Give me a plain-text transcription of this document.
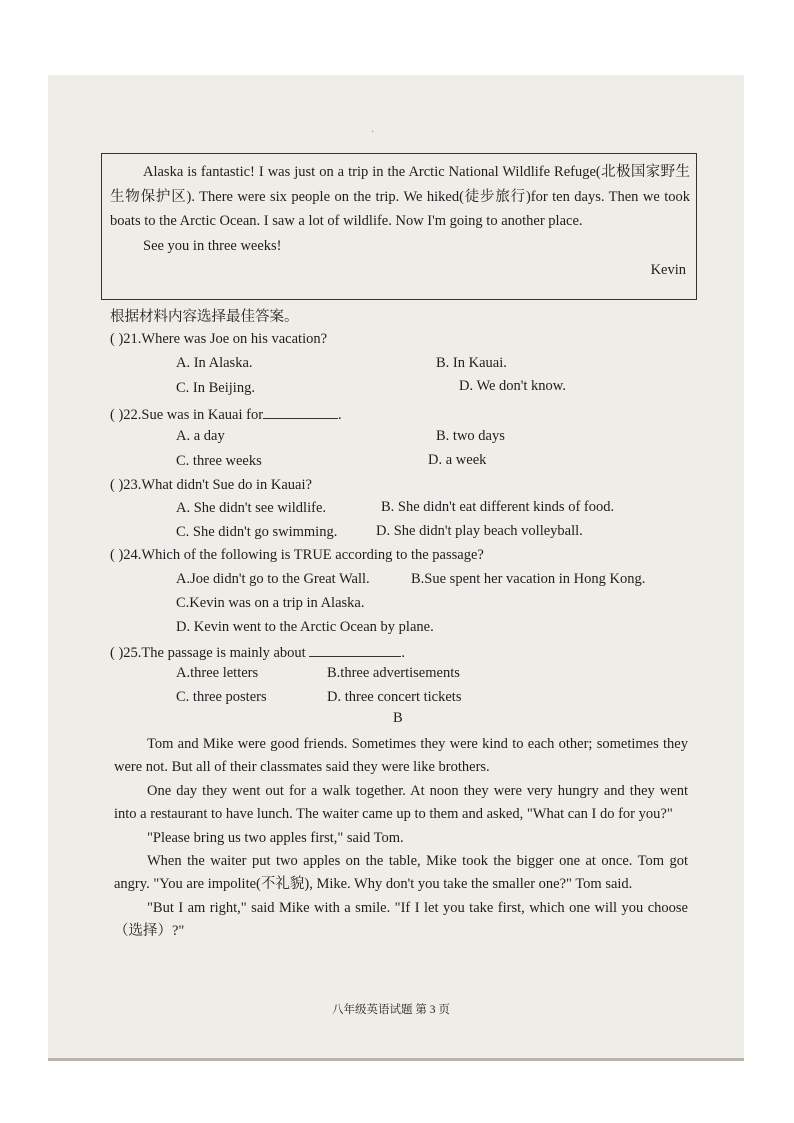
·

Alaska is fantastic! I was just on a trip in the Arctic National Wildlife Refuge(北极国家野生生物保护区). There were six people on the trip. We hiked(徒步旅行)for ten days. Then we took boats to the Arctic Ocean. I saw a lot of wildlife. Now I'm going to another place.

See you in three weeks!

Kevin
根据材料内容选择最佳答案。
( )21.Where was Joe on his vacation?
A. In Alaska.	B. In Kauai.
C. In Beijing.	D. We don't know.
( )22.Sue was in Kauai for	.
A. a day	B. two days
C. three weeks	D. a week
( )23.What didn't Sue do in Kauai?
A. She didn't see wildlife.	B. She didn't eat different kinds of food.
C. She didn't go swimming.	D. She didn't play beach volleyball.
( )24.Which of the following is TRUE according to the passage?
A.Joe didn't go to the Great Wall.	B.Sue spent her vacation in Hong Kong.
C.Kevin was on a trip in Alaska.
D. Kevin went to the Arctic Ocean by plane.
( )25.The passage is mainly about	.
A.three letters	B.three advertisements
C. three posters	D. three concert tickets
B

Tom and Mike were good friends. Sometimes they were kind to each other; sometimes they were not. But all of their classmates said they were like brothers.

One day they went out for a walk together. At noon they were very hungry and they went into a restaurant to have lunch. The waiter came up to them and asked, "What can I do for you?"

"Please bring us two apples first," said Tom.

When the waiter put two apples on the table, Mike took the bigger one at once. Tom got angry. "You are impolite(不礼貌), Mike. Why don't you take the smaller one?" Tom said.

"But I am right," said Mike with a smile. "If I let you take first, which one will you choose（选择）?"

八年级英语试题 第 3 页
